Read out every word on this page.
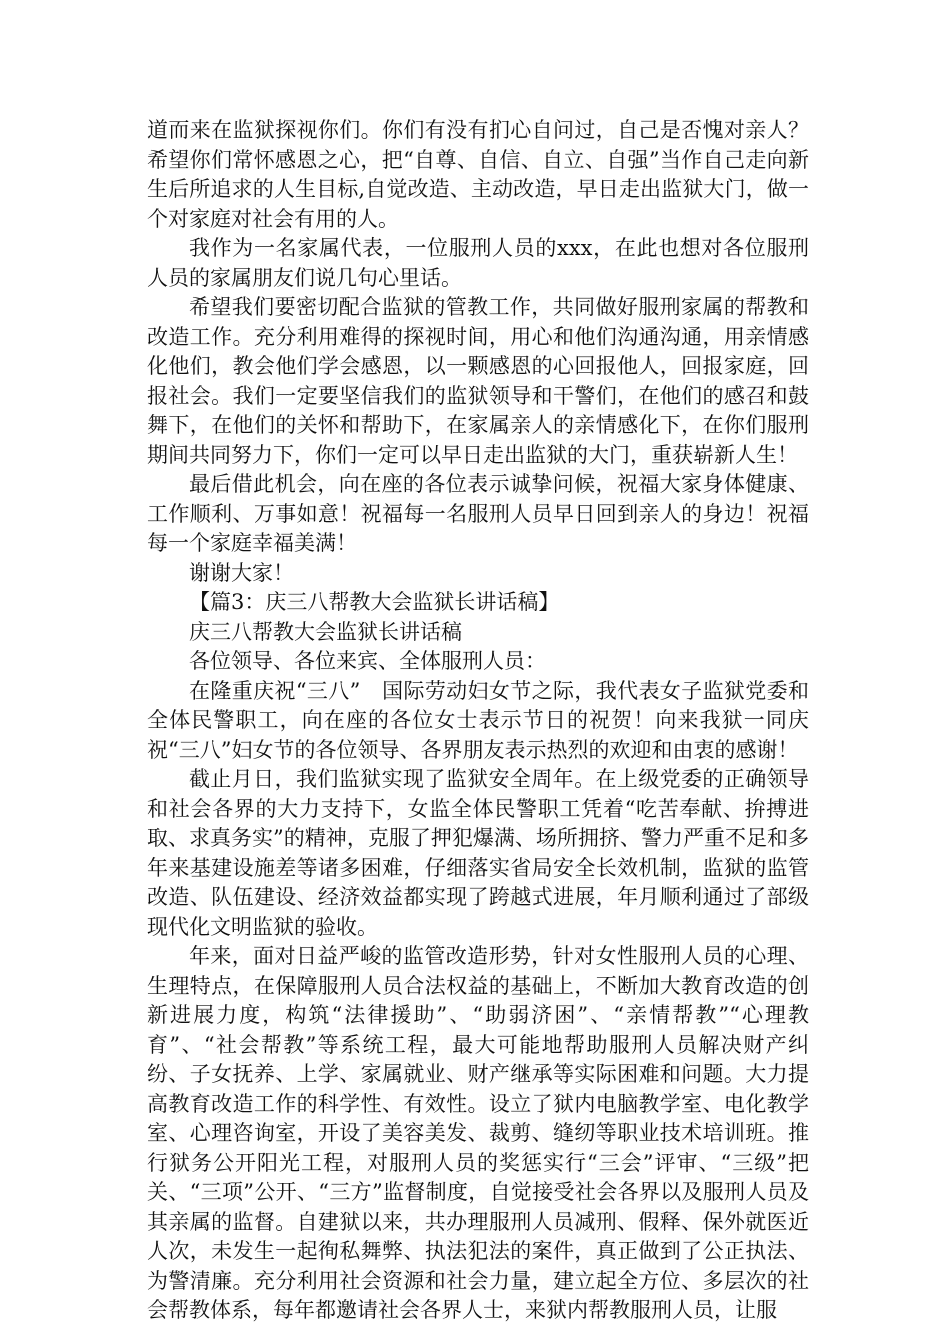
道而来在监狱探视你们。你们有没有扪心自问过，自己是否愧对亲人？希望你们常怀感恩之心，把“自尊、自信、自立、自强”当作自己走向新生后所追求的人生目标,自觉改造、主动改造，早日走出监狱大门，做一个对家庭对社会有用的人。

我作为一名家属代表，一位服刑人员的xxx，在此也想对各位服刑人员的家属朋友们说几句心里话。

希望我们要密切配合监狱的管教工作，共同做好服刑家属的帮教和改造工作。充分利用难得的探视时间，用心和他们沟通沟通，用亲情感化他们，教会他们学会感恩，以一颗感恩的心回报他人，回报家庭，回报社会。我们一定要坚信我们的监狱领导和干警们，在他们的感召和鼓舞下，在他们的关怀和帮助下，在家属亲人的亲情感化下，在你们服刑期间共同努力下，你们一定可以早日走出监狱的大门，重获崭新人生！

最后借此机会，向在座的各位表示诚挚问候，祝福大家身体健康、工作顺利、万事如意！祝福每一名服刑人员早日回到亲人的身边！祝福每一个家庭幸福美满！

谢谢大家！

【篇3：庆三八帮教大会监狱长讲话稿】

庆三八帮教大会监狱长讲话稿

各位领导、各位来宾、全体服刑人员：

在隆重庆祝“三八”　国际劳动妇女节之际，我代表女子监狱党委和全体民警职工，向在座的各位女士表示节日的祝贺！向来我狱一同庆祝“三八”妇女节的各位领导、各界朋友表示热烈的欢迎和由衷的感谢！

截止月日，我们监狱实现了监狱安全周年。在上级党委的正确领导和社会各界的大力支持下，女监全体民警职工凭着“吃苦奉献、拚搏进取、求真务实”的精神，克服了押犯爆满、场所拥挤、警力严重不足和多年来基建设施差等诸多困难，仔细落实省局安全长效机制，监狱的监管改造、队伍建设、经济效益都实现了跨越式进展，年月顺利通过了部级现代化文明监狱的验收。

年来，面对日益严峻的监管改造形势，针对女性服刑人员的心理、生理特点，在保障服刑人员合法权益的基础上，不断加大教育改造的创新进展力度，构筑“法律援助”、“助弱济困”、“亲情帮教”“心理教育”、“社会帮教”等系统工程，最大可能地帮助服刑人员解决财产纠纷、子女抚养、上学、家属就业、财产继承等实际困难和问题。大力提高教育改造工作的科学性、有效性。设立了狱内电脑教学室、电化教学室、心理咨询室，开设了美容美发、裁剪、缝纫等职业技术培训班。推行狱务公开阳光工程，对服刑人员的奖惩实行“三会”评审、“三级”把关、“三项”公开、“三方”监督制度，自觉接受社会各界以及服刑人员及其亲属的监督。自建狱以来，共办理服刑人员减刑、假释、保外就医近人次，未发生一起徇私舞弊、执法犯法的案件，真正做到了公正执法、为警清廉。充分利用社会资源和社会力量，建立起全方位、多层次的社会帮教体系，每年都邀请社会各界人士，来狱内帮教服刑人员，让服
